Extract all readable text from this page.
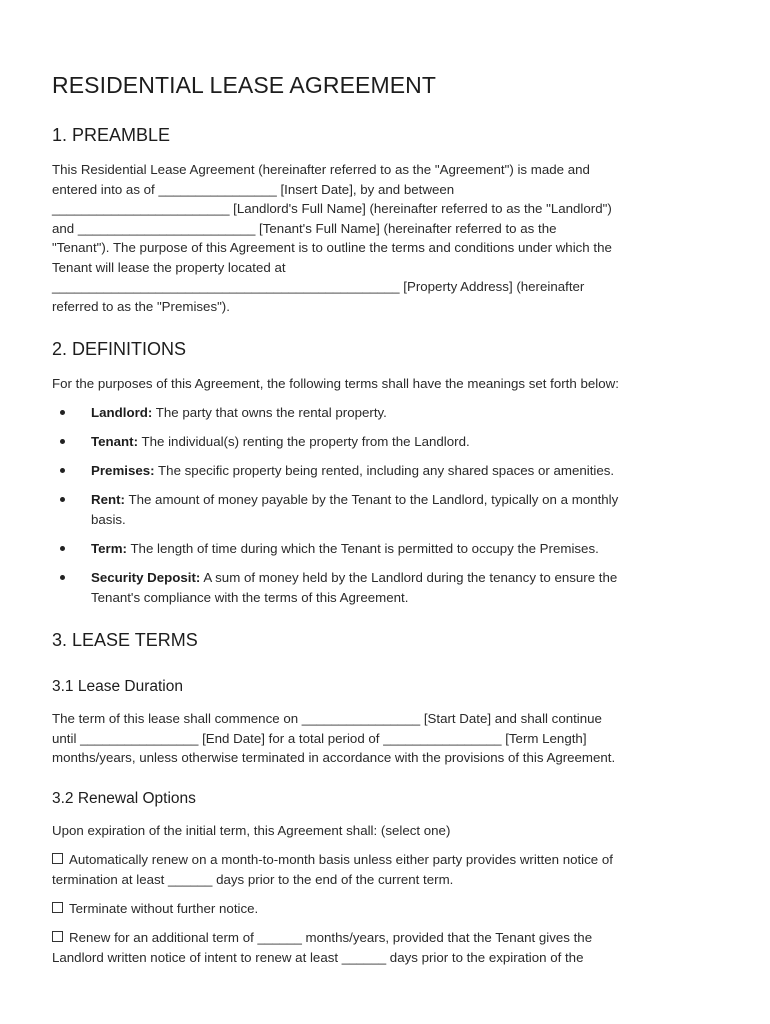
RESIDENTIAL LEASE AGREEMENT
1. PREAMBLE
This Residential Lease Agreement (hereinafter referred to as the "Agreement") is made and
entered into as of ________________ [Insert Date], by and between
________________________ [Landlord's Full Name] (hereinafter referred to as the "Landlord")
and ________________________ [Tenant's Full Name] (hereinafter referred to as the
"Tenant"). The purpose of this Agreement is to outline the terms and conditions under which the
Tenant will lease the property located at
_______________________________________________ [Property Address] (hereinafter
referred to as the "Premises").
2. DEFINITIONS
For the purposes of this Agreement, the following terms shall have the meanings set forth below:
Landlord: The party that owns the rental property.
Tenant: The individual(s) renting the property from the Landlord.
Premises: The specific property being rented, including any shared spaces or amenities.
Rent: The amount of money payable by the Tenant to the Landlord, typically on a monthly
basis.
Term: The length of time during which the Tenant is permitted to occupy the Premises.
Security Deposit: A sum of money held by the Landlord during the tenancy to ensure the
Tenant's compliance with the terms of this Agreement.
3. LEASE TERMS
3.1 Lease Duration
The term of this lease shall commence on ________________ [Start Date] and shall continue
until ________________ [End Date] for a total period of ________________ [Term Length]
months/years, unless otherwise terminated in accordance with the provisions of this Agreement.
3.2 Renewal Options
Upon expiration of the initial term, this Agreement shall: (select one)
Automatically renew on a month-to-month basis unless either party provides written notice of
termination at least ______ days prior to the end of the current term.
Terminate without further notice.
Renew for an additional term of ______ months/years, provided that the Tenant gives the
Landlord written notice of intent to renew at least ______ days prior to the expiration of the
